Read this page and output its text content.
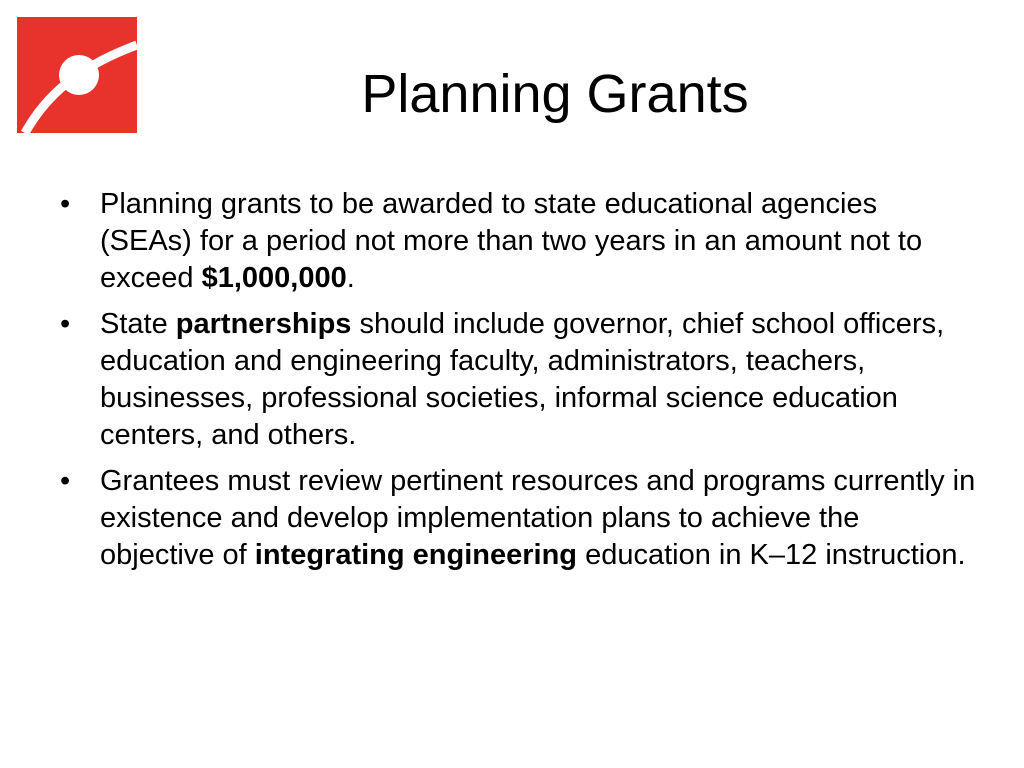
Planning Grants
• Planning grants to be awarded to state educational agencies (SEAs) for a period not more than two years in an amount not to exceed $1,000,000.
• State partnerships should include governor, chief school officers, education and engineering faculty, administrators, teachers, businesses, professional societies, informal science education centers, and others.
• Grantees must review pertinent resources and programs currently in existence and develop implementation plans to achieve the objective of integrating engineering education in K–12 instruction.
